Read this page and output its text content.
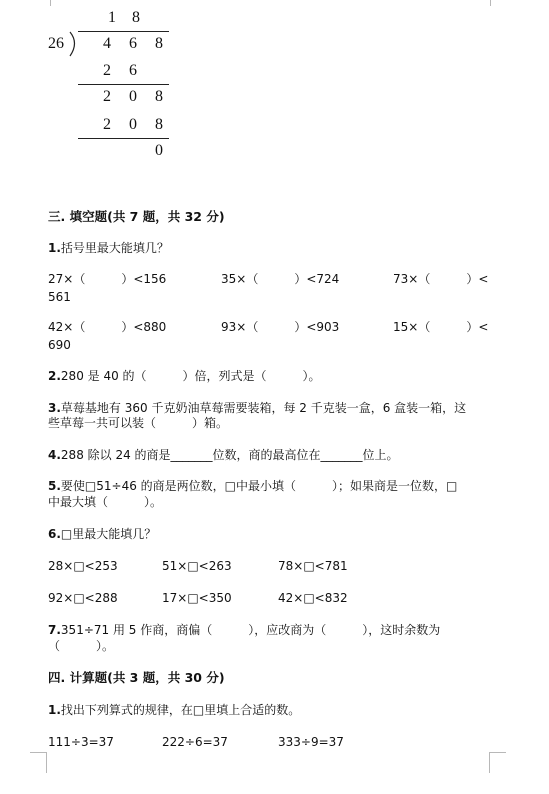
1 8
26 4 6 8
2 6
2 0 8
2 0 8
0
三. 填空题(共 7 题，共 32 分)
1.括号里最大能填几？
27×（　　　）<156	35×（　　　）<724	73×（　　　）<
561
42×（　　　）<880	93×（　　　）<903	15×（　　　）<
690
2.280 是 40 的（　　　）倍，列式是（　　　）。
3.草莓基地有 360 千克奶油草莓需要装箱，每 2 千克装一盒，6 盒装一箱，这
些草莓一共可以装（　　　）箱。
4.288 除以 24 的商是_______位数，商的最高位在_______位上。
5.要使□51÷46 的商是两位数，□中最小填（　　　）；如果商是一位数，□
中最大填（　　　）。
6.□里最大能填几？
28×□<253	51×□<263	78×□<781
92×□<288	17×□<350	42×□<832
7.351÷71 用 5 作商，商偏（　　　），应改商为（　　　），这时余数为
（　　　）。
四. 计算题(共 3 题，共 30 分)
1.找出下列算式的规律，在□里填上合适的数。
111÷3=37	222÷6=37	333÷9=37
